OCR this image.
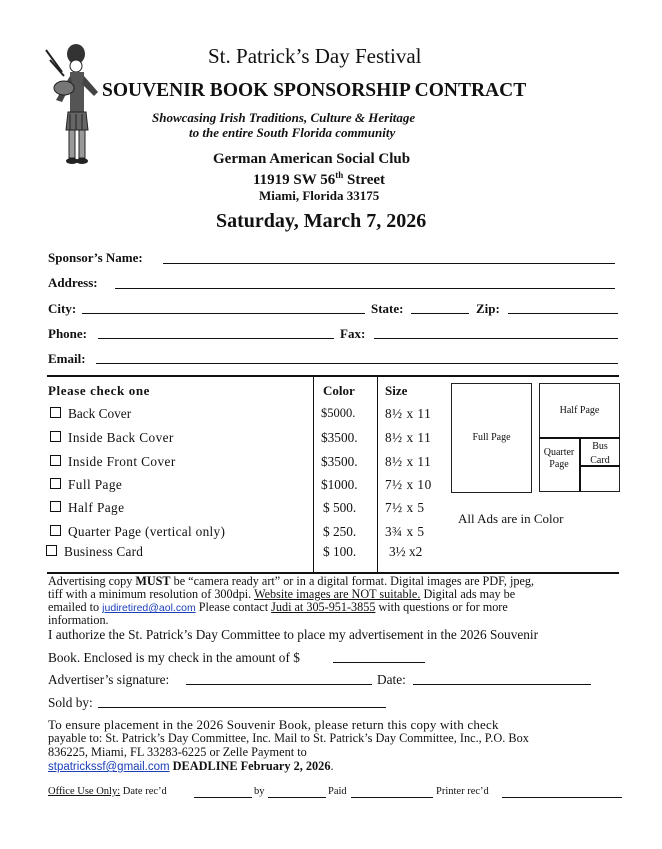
St. Patrick’s Day Festival
SOUVENIR BOOK SPONSORSHIP CONTRACT
Showcasing Irish Traditions, Culture & Heritage
to the entire South Florida community
German American Social Club
11919 SW 56th Street
Miami, Florida 33175
Saturday, March 7, 2026
Sponsor’s Name:
Address:
City:	State:	Zip:
Phone:	Fax:
Email:
Please check one	Color Size
Back Cover	$5000. 8½ x 11
Inside Back Cover	$3500. 8½ x 11
Inside Front Cover	$3500. 8½ x 11
Full Page	$1000. 7½ x 10
Half Page	$ 500. 7½ x 5
Quarter Page (vertical only)	$ 250. 3¾ x 5
Business Card	$ 100. 3½ x2
Full Page
Half Page
Quarter
Page
Bus
Card
All Ads are in Color
Advertising copy MUST be “camera ready art” or in a digital format. Digital images are PDF, jpeg,
tiff with a minimum resolution of 300dpi. Website images are NOT suitable. Digital ads may be
emailed to judiretired@aol.com Please contact Judi at 305-951-3855 with questions or for more
information.
I authorize the St. Patrick’s Day Committee to place my advertisement in the 2026 Souvenir
Book. Enclosed is my check in the amount of $
Advertiser’s signature:	Date:
Sold by:
To ensure placement in the 2026 Souvenir Book, please return this copy with check
payable to: St. Patrick’s Day Committee, Inc. Mail to St. Patrick’s Day Committee, Inc., P.O. Box
836225, Miami, FL 33283-6225 or Zelle Payment to
stpatrickssf@gmail.com DEADLINE February 2, 2026.
Office Use Only: Date rec’d	by	Paid	Printer rec’d
